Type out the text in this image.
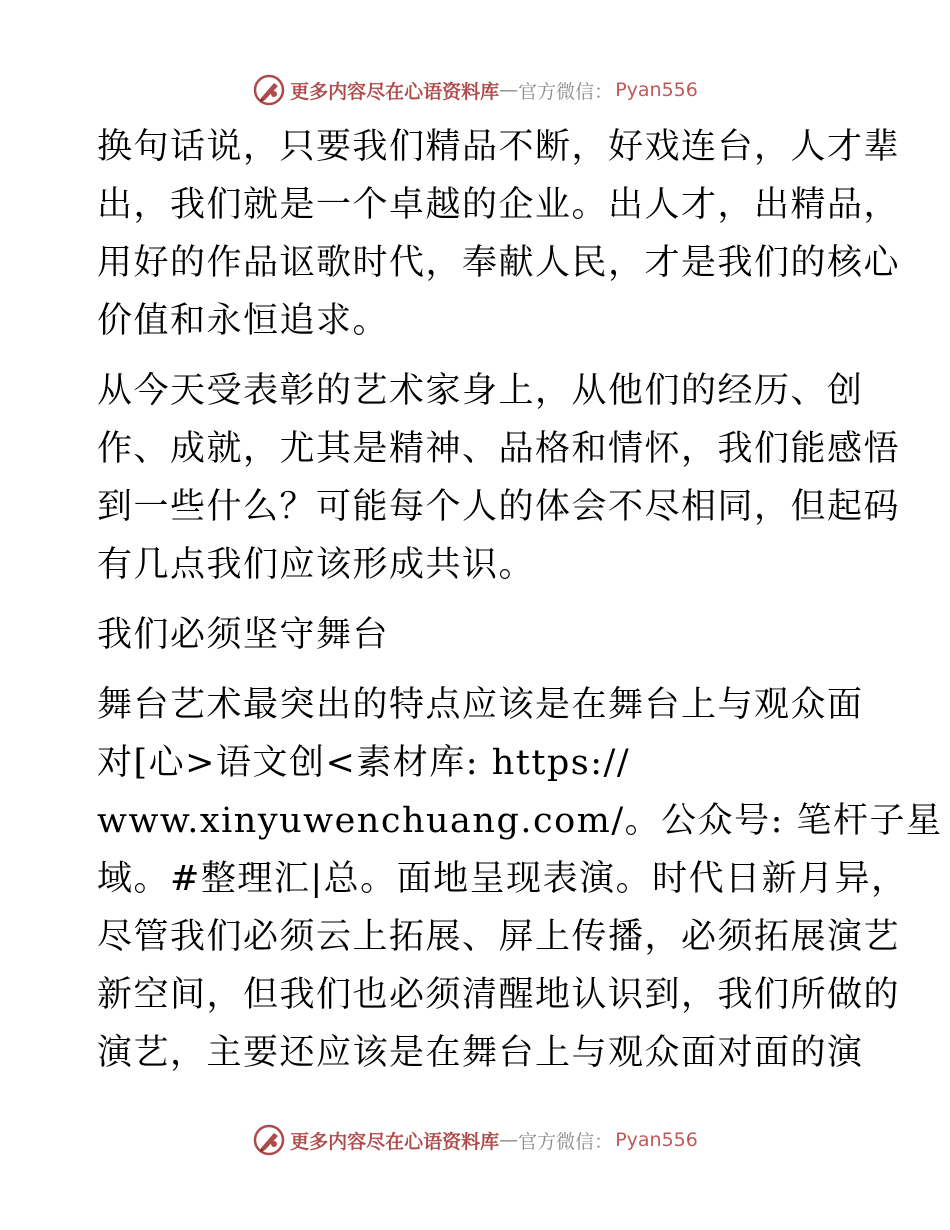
更多内容尽在心语资料库 — 官方微信： Pyan556

换句话说，只要我们精品不断，好戏连台，人才辈
出，我们就是一个卓越的企业。出人才，出精品，
用好的作品讴歌时代，奉献人民，才是我们的核心
价值和永恒追求。

从今天受表彰的艺术家身上，从他们的经历、创
作、成就，尤其是精神、品格和情怀，我们能感悟
到一些什么？可能每个人的体会不尽相同，但起码
有几点我们应该形成共识。

我们必须坚守舞台

舞台艺术最突出的特点应该是在舞台上与观众面
对[心>语文创<素材库: https://
www.xinyuwenchuang.com/。公众号: 笔杆子星
域。#整理汇|总。面地呈现表演。时代日新月异，
尽管我们必须云上拓展、屏上传播，必须拓展演艺
新空间，但我们也必须清醒地认识到，我们所做的
演艺，主要还应该是在舞台上与观众面对面的演

更多内容尽在心语资料库 — 官方微信： Pyan556
